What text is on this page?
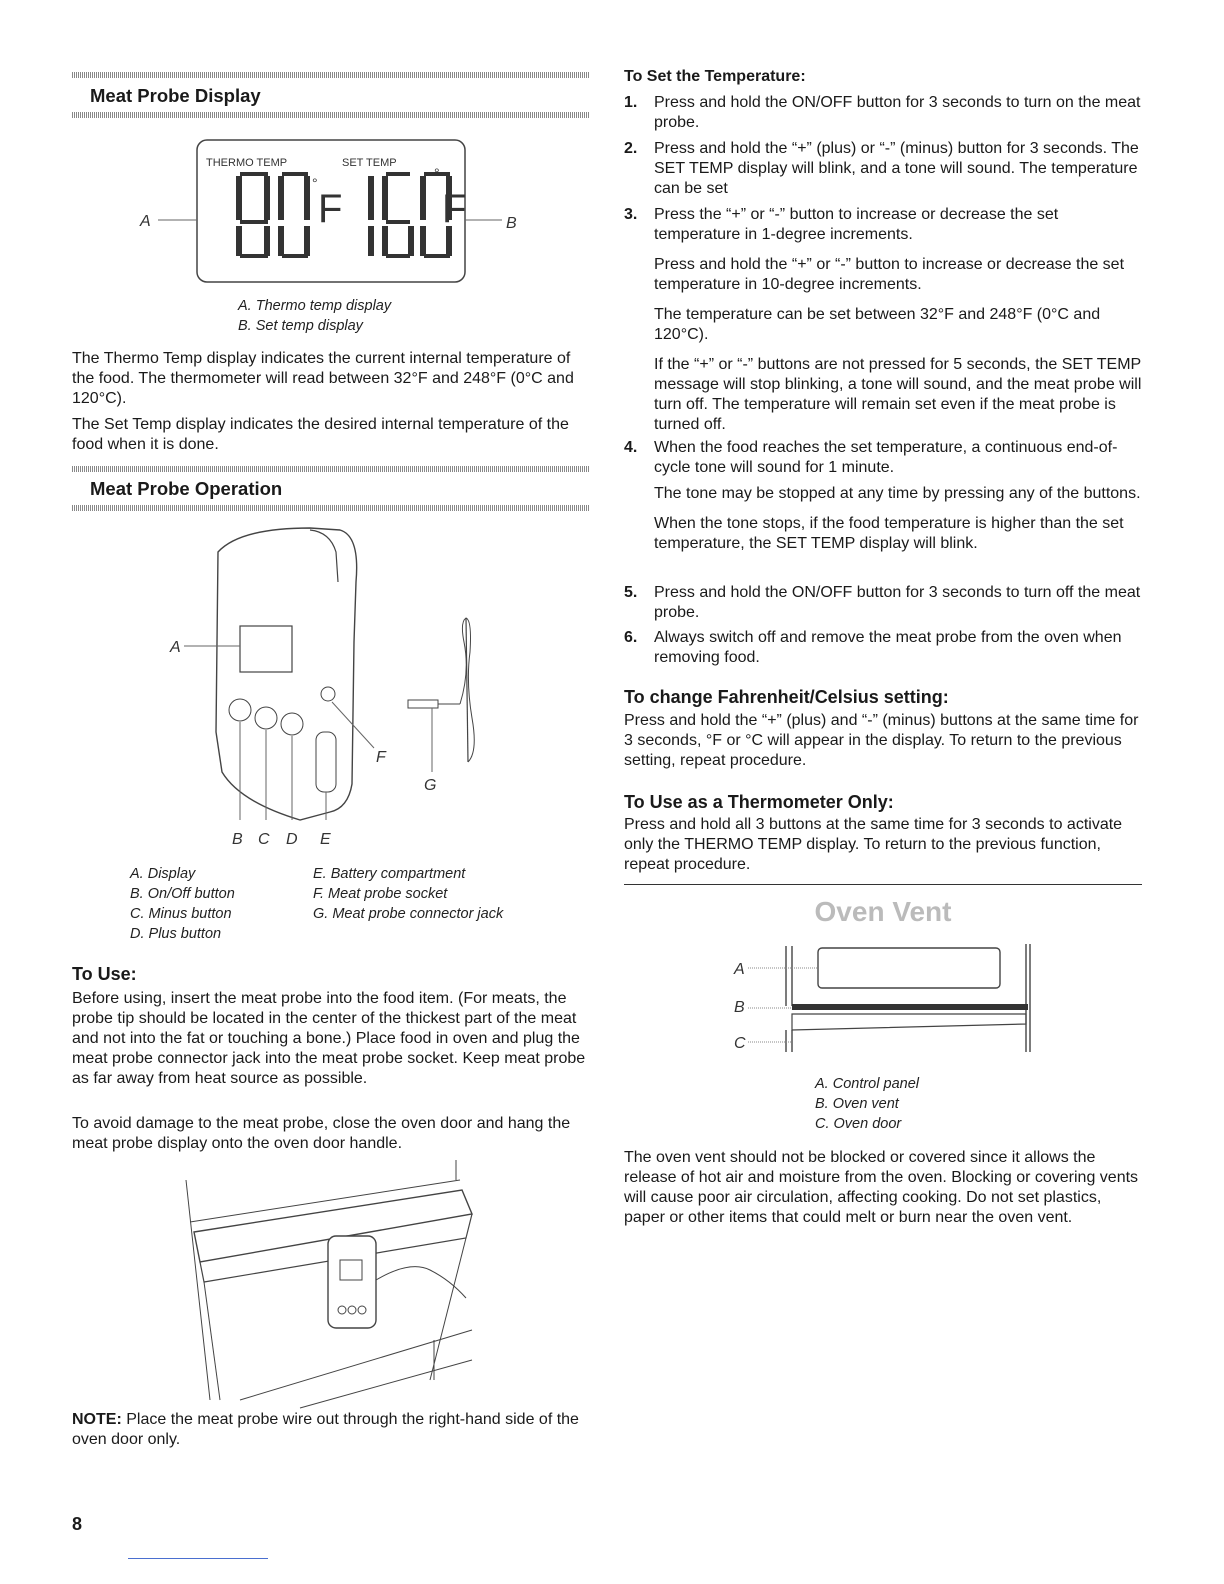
Meat Probe Display
THERMO TEMP	SET TEMP
°
F
°
F
A	B
A. Thermo temp display
B. Set temp display
The Thermo Temp display indicates the current internal temperature of the food. The thermometer will read between 32°F and 248°F (0°C and 120°C).
The Set Temp display indicates the desired internal temperature of the food when it is done.
Meat Probe Operation
A
B C D E
F
G
A. Display
B. On/Off button
C. Minus button
D. Plus button
E. Battery compartment
F. Meat probe socket
G. Meat probe connector jack
To Use:
Before using, insert the meat probe into the food item. (For meats, the probe tip should be located in the center of the thickest part of the meat and not into the fat or touching a bone.) Place food in oven and plug the meat probe connector jack into the meat probe socket. Keep meat probe as far away from heat source as possible.
To avoid damage to the meat probe, close the oven door and hang the meat probe display onto the oven door handle.
NOTE: Place the meat probe wire out through the right-hand side of the oven door only.
8
To Set the Temperature:
1. Press and hold the ON/OFF button for 3 seconds to turn on the meat probe.

2. Press and hold the “+” (plus) or “-” (minus) button for 3 seconds. The SET TEMP display will blink, and a tone will sound. The temperature can be set

3. Press the “+” or “-” button to increase or decrease the set temperature in 1-degree increments.

Press and hold the “+” or “-” button to increase or decrease the set temperature in 10-degree increments.

The temperature can be set between 32°F and 248°F (0°C and 120°C).

If the “+” or “-” buttons are not pressed for 5 seconds, the SET TEMP message will stop blinking, a tone will sound, and the meat probe will turn off. The temperature will remain set even if the meat probe is turned off.

4. When the food reaches the set temperature, a continuous end-of-cycle tone will sound for 1 minute.

The tone may be stopped at any time by pressing any of the buttons.

When the tone stops, if the food temperature is higher than the set temperature, the SET TEMP display will blink.

5. Press and hold the ON/OFF button for 3 seconds to turn off the meat probe.

6. Always switch off and remove the meat probe from the oven when removing food.

To change Fahrenheit/Celsius setting:
Press and hold the “+” (plus) and “-” (minus) buttons at the same time for 3 seconds, °F or °C will appear in the display. To return to the previous setting, repeat procedure.
To Use as a Thermometer Only:
Press and hold all 3 buttons at the same time for 3 seconds to activate only the THERMO TEMP display. To return to the previous function, repeat procedure.
Oven Vent
A
B
C
A. Control panel
B. Oven vent
C. Oven door
The oven vent should not be blocked or covered since it allows the release of hot air and moisture from the oven. Blocking or covering vents will cause poor air circulation, affecting cooking. Do not set plastics, paper or other items that could melt or burn near the oven vent.
